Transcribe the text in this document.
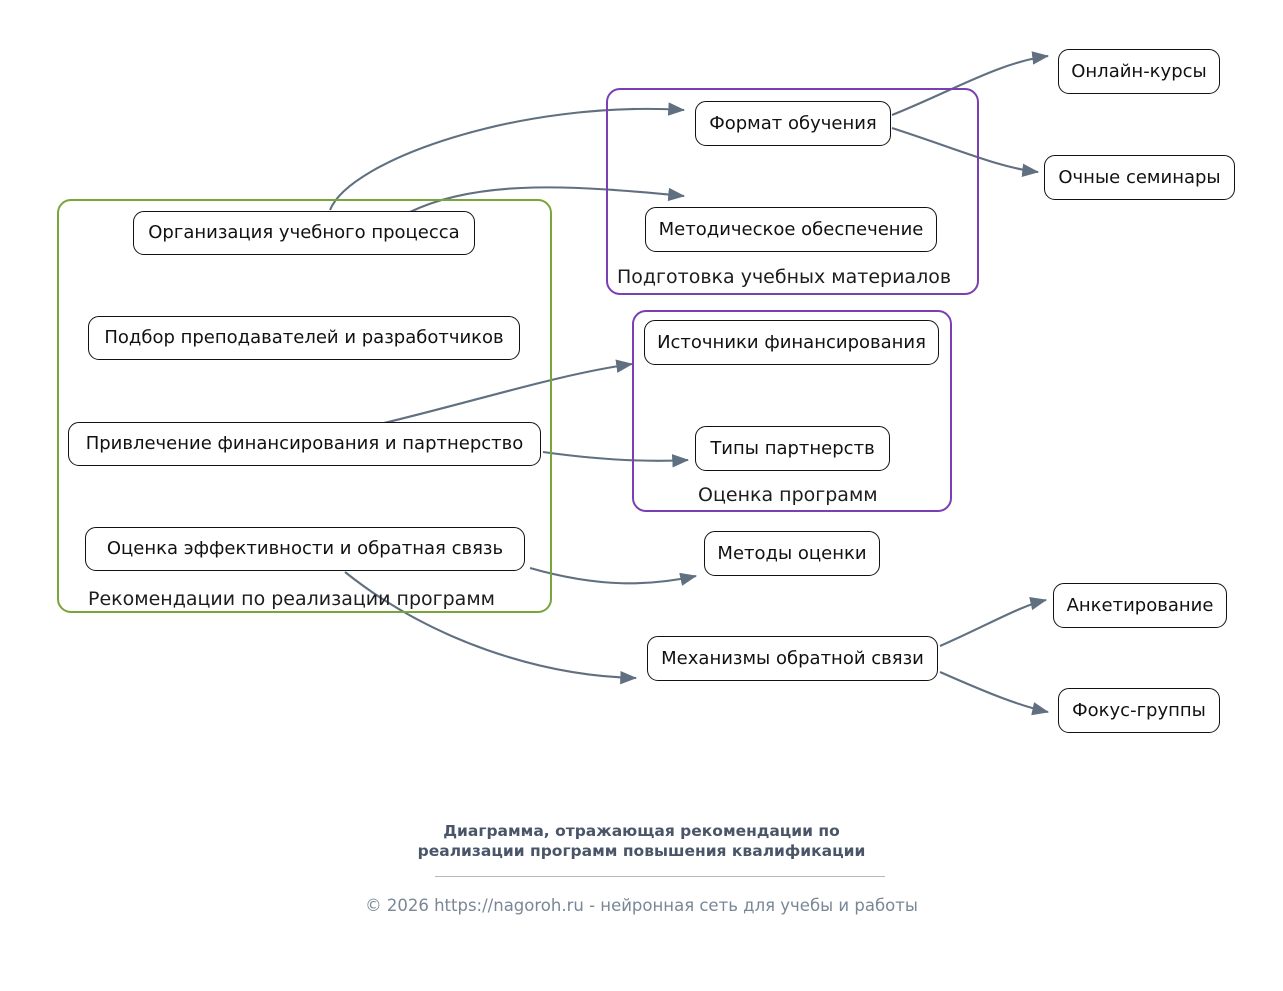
Рекомендации по реализации программ
Подготовка учебных материалов
Оценка программ
Организация учебного процесса
Подбор преподавателей и разработчиков
Привлечение финансирования и партнерство
Оценка эффективности и обратная связь
Формат обучения
Методическое обеспечение
Источники финансирования
Типы партнерств
Методы оценки
Механизмы обратной связи
Онлайн-курсы
Очные семинары
Анкетирование
Фокус-группы
Диаграмма, отражающая рекомендации по
реализации программ повышения квалификации
© 2026 https://nagoroh.ru - нейронная сеть для учебы и работы
